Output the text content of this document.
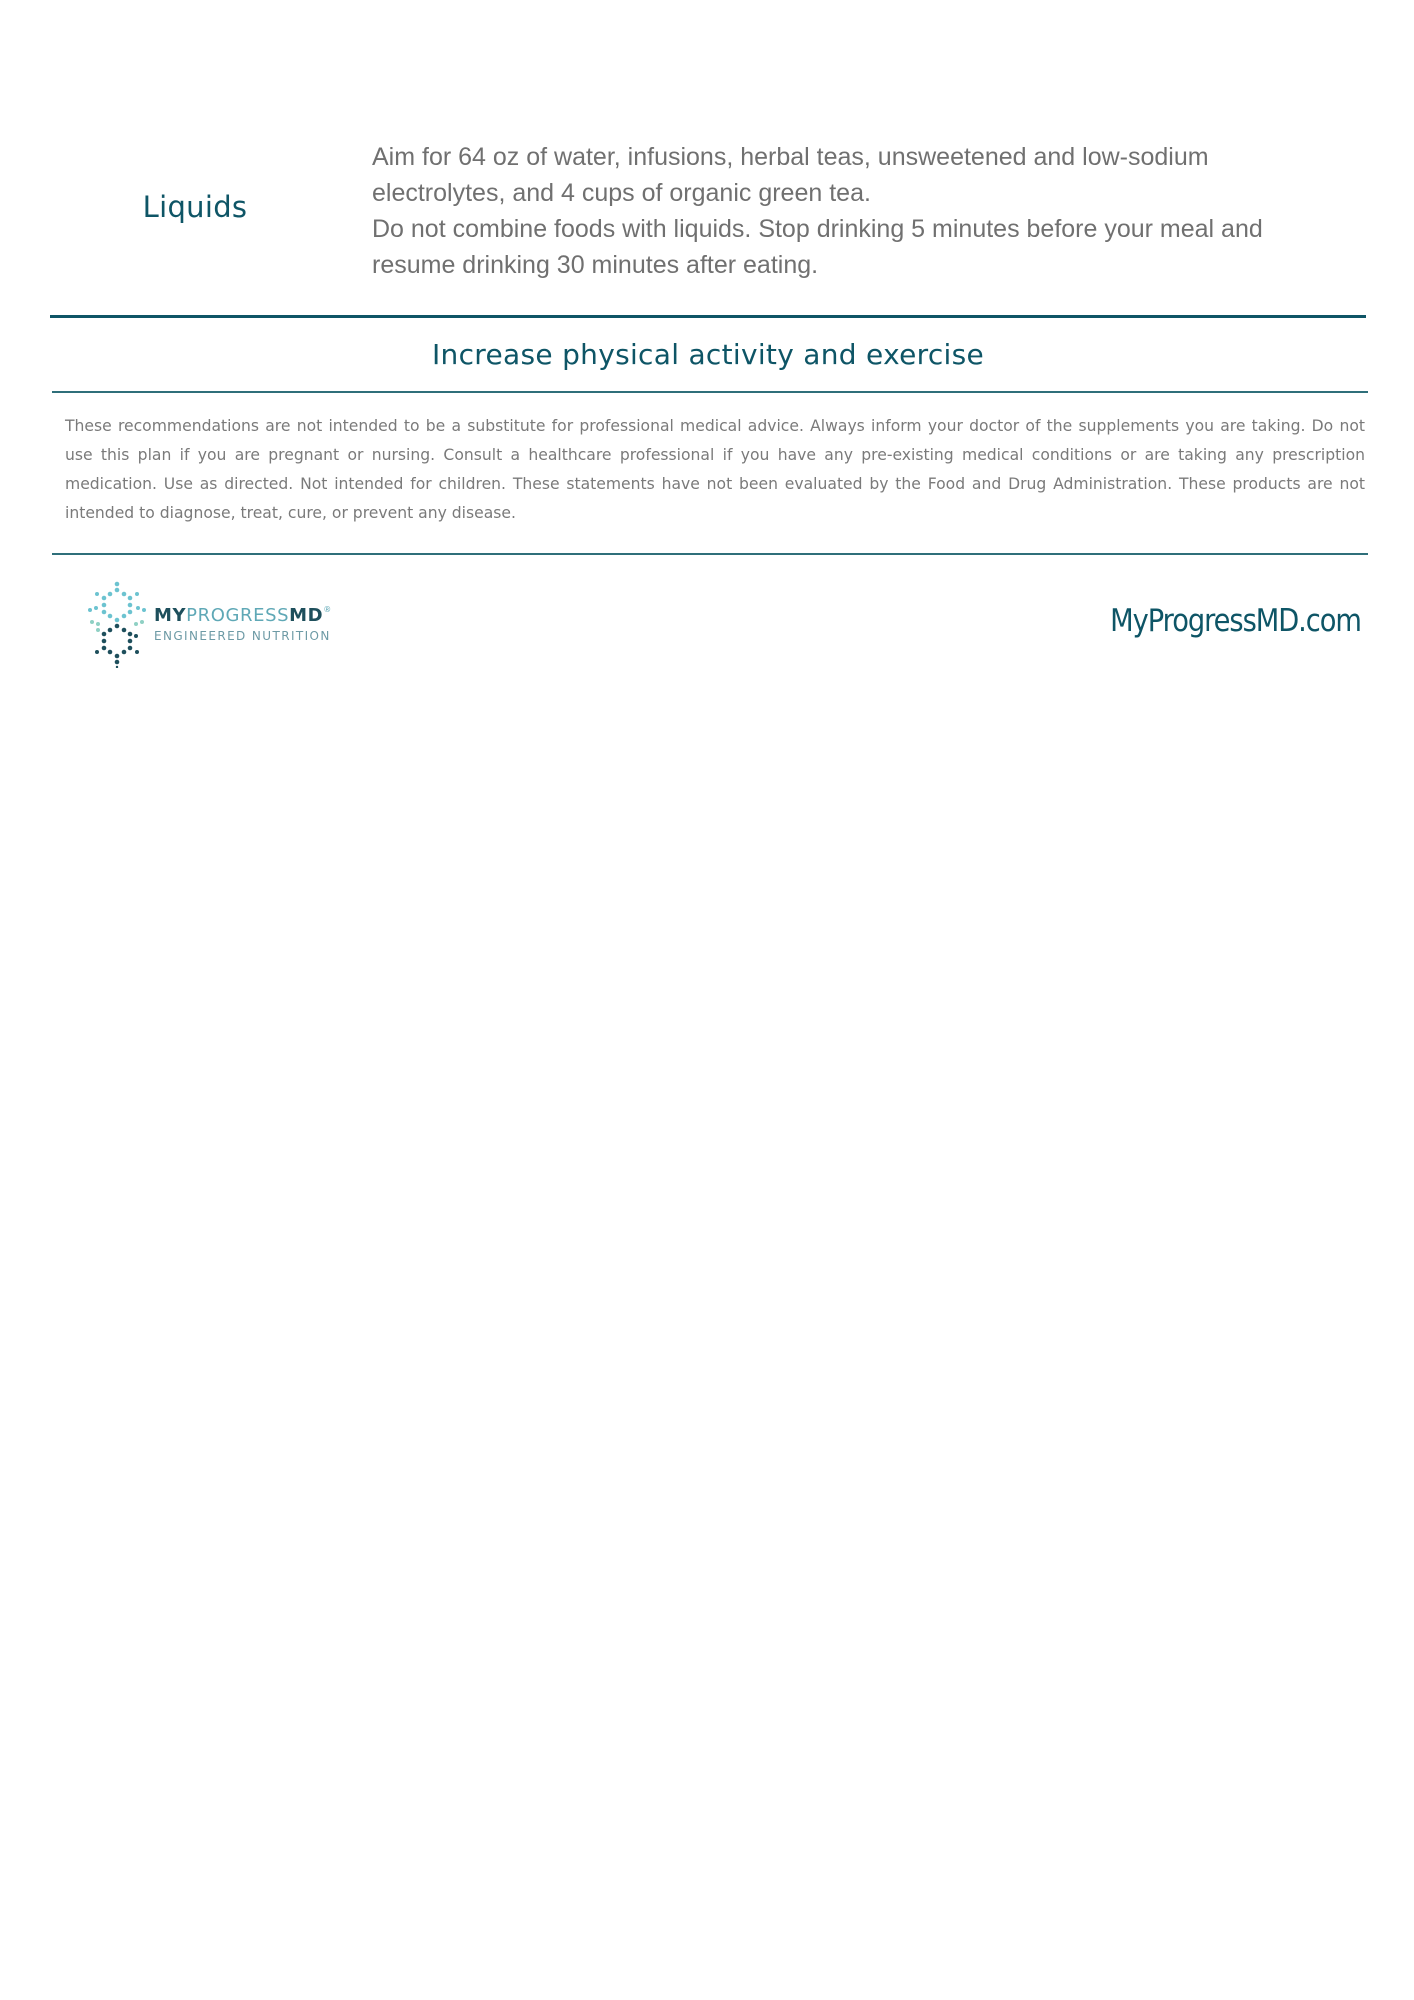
Liquids

Aim for 64 oz of water, infusions, herbal teas, unsweetened and low-sodium electrolytes, and 4 cups of organic green tea.

Do not combine foods with liquids. Stop drinking 5 minutes before your meal and resume drinking 30 minutes after eating.

Increase physical activity and exercise

These recommendations are not intended to be a substitute for professional medical advice. Always inform your doctor of the supplements you are taking. Do not use this plan if you are pregnant or nursing. Consult a healthcare professional if you have any pre-existing medical conditions or are taking any prescription medication. Use as directed. Not intended for children. These statements have not been evaluated by the Food and Drug Administration. These products are not intended to diagnose, treat, cure, or prevent any disease.

MYPROGRESSMD®
ENGINEERED NUTRITION	MyProgressMD.com
